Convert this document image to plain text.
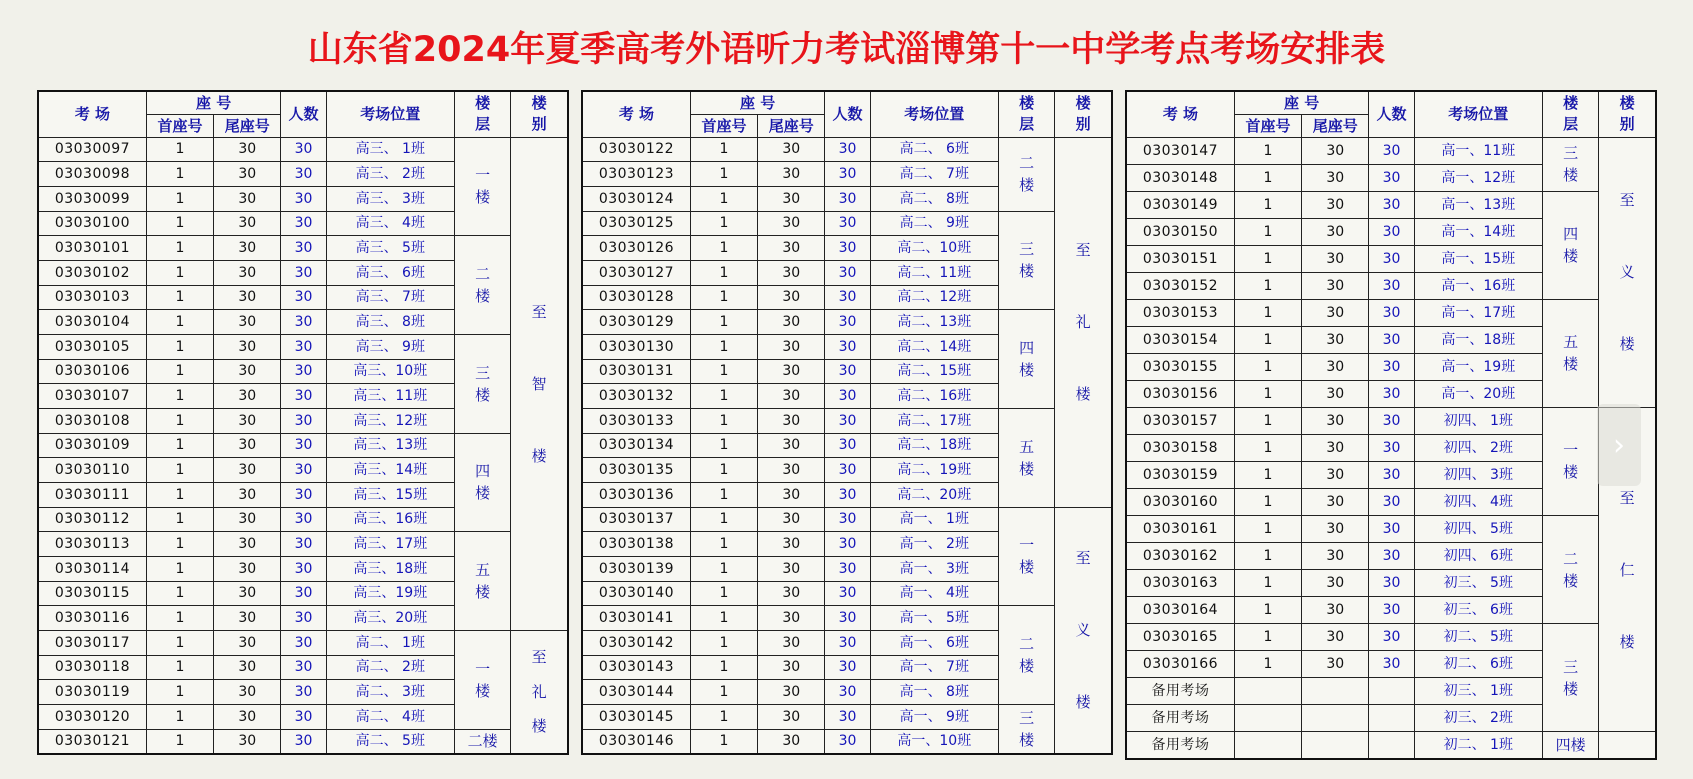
山东省2024年夏季高考外语听力考试淄博第十一中学考点考场安排表
考 场	座 号		人数	考场位置	楼层	楼别
	首座号	尾座号				
03030097	1	30	30	高三、 1班	一楼	至智楼
03030098	1	30	30	高三、 2班		
03030099	1	30	30	高三、 3班		
03030100	1	30	30	高三、 4班		
03030101	1	30	30	高三、 5班	二楼	
03030102	1	30	30	高三、 6班		
03030103	1	30	30	高三、 7班		
03030104	1	30	30	高三、 8班		
03030105	1	30	30	高三、 9班	三楼	
03030106	1	30	30	高三、10班		
03030107	1	30	30	高三、11班		
03030108	1	30	30	高三、12班		
03030109	1	30	30	高三、13班	四楼	
03030110	1	30	30	高三、14班		
03030111	1	30	30	高三、15班		
03030112	1	30	30	高三、16班		
03030113	1	30	30	高三、17班	五楼	
03030114	1	30	30	高三、18班		
03030115	1	30	30	高三、19班		
03030116	1	30	30	高三、20班		
03030117	1	30	30	高二、 1班	一楼	至礼楼
03030118	1	30	30	高二、 2班		
03030119	1	30	30	高二、 3班		
03030120	1	30	30	高二、 4班		
03030121	1	30	30	高二、 5班	二楼	
考 场	座 号		人数	考场位置	楼层	楼别
	首座号	尾座号				
03030122	1	30	30	高二、 6班	二楼	至礼楼
03030123	1	30	30	高二、 7班		
03030124	1	30	30	高二、 8班		
03030125	1	30	30	高二、 9班	三楼	
03030126	1	30	30	高二、10班		
03030127	1	30	30	高二、11班		
03030128	1	30	30	高二、12班		
03030129	1	30	30	高二、13班	四楼	
03030130	1	30	30	高二、14班		
03030131	1	30	30	高二、15班		
03030132	1	30	30	高二、16班		
03030133	1	30	30	高二、17班	五楼	
03030134	1	30	30	高二、18班		
03030135	1	30	30	高二、19班		
03030136	1	30	30	高二、20班		
03030137	1	30	30	高一、 1班	一楼	至义楼
03030138	1	30	30	高一、 2班		
03030139	1	30	30	高一、 3班		
03030140	1	30	30	高一、 4班		
03030141	1	30	30	高一、 5班	二楼	
03030142	1	30	30	高一、 6班		
03030143	1	30	30	高一、 7班		
03030144	1	30	30	高一、 8班		
03030145	1	30	30	高一、 9班	三楼	
03030146	1	30	30	高一、10班		
考 场	座 号		人数	考场位置	楼层	楼别
	首座号	尾座号				
03030147	1	30	30	高一、11班	三楼	至义楼
03030148	1	30	30	高一、12班		
03030149	1	30	30	高一、13班	四楼	
03030150	1	30	30	高一、14班		
03030151	1	30	30	高一、15班		
03030152	1	30	30	高一、16班		
03030153	1	30	30	高一、17班	五楼	
03030154	1	30	30	高一、18班		
03030155	1	30	30	高一、19班		
03030156	1	30	30	高一、20班		
03030157	1	30	30	初四、 1班	一楼	至仁楼
03030158	1	30	30	初四、 2班		
03030159	1	30	30	初四、 3班		
03030160	1	30	30	初四、 4班		
03030161	1	30	30	初四、 5班	二楼	
03030162	1	30	30	初四、 6班		
03030163	1	30	30	初三、 5班		
03030164	1	30	30	初三、 6班		
03030165	1	30	30	初二、 5班	三楼	
03030166	1	30	30	初二、 6班		
备用考场				初三、 1班		
备用考场				初三、 2班		
备用考场				初二、 1班	四楼	
›
